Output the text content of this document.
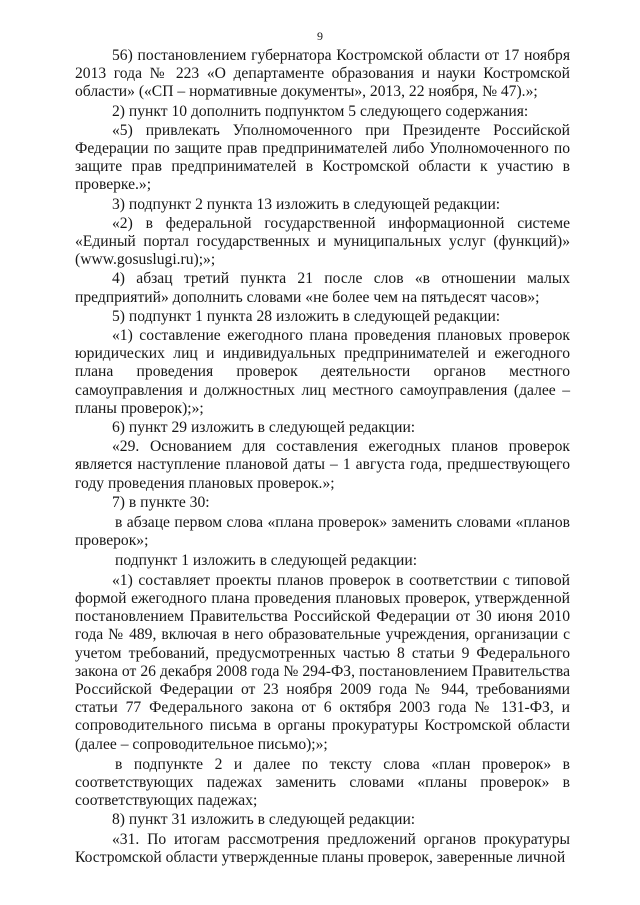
9

56) постановлением губернатора Костромской области от 17 ноября 2013 года № 223 «О департаменте образования и науки Костромской области» («СП – нормативные документы», 2013, 22 ноября, № 47).»;

2) пункт 10 дополнить подпунктом 5 следующего содержания:

«5) привлекать Уполномоченного при Президенте Российской Федерации по защите прав предпринимателей либо Уполномоченного по защите прав предпринимателей в Костромской области к участию в проверке.»;

3) подпункт 2 пункта 13 изложить в следующей редакции:

«2) в федеральной государственной информационной системе «Единый портал государственных и муниципальных услуг (функций)» (www.gosuslugi.ru);»;

4) абзац третий пункта 21 после слов «в отношении малых предприятий» дополнить словами «не более чем на пятьдесят часов»;

5) подпункт 1 пункта 28 изложить в следующей редакции:

«1) составление ежегодного плана проведения плановых проверок юридических лиц и индивидуальных предпринимателей и ежегодного плана проведения проверок деятельности органов местного самоуправления и должностных лиц местного самоуправления (далее – планы проверок);»;

6) пункт 29 изложить в следующей редакции:

«29. Основанием для составления ежегодных планов проверок является наступление плановой даты – 1 августа года, предшествующего году проведения плановых проверок.»;

7) в пункте 30:

в абзаце первом слова «плана проверок» заменить словами «планов проверок»;

подпункт 1 изложить в следующей редакции:

«1) составляет проекты планов проверок в соответствии с типовой формой ежегодного плана проведения плановых проверок, утвержденной постановлением Правительства Российской Федерации от 30 июня 2010 года № 489, включая в него образовательные учреждения, организации с учетом требований, предусмотренных частью 8 статьи 9 Федерального закона от 26 декабря 2008 года № 294-ФЗ, постановлением Правительства Российской Федерации от 23 ноября 2009 года № 944, требованиями статьи 77 Федерального закона от 6 октября 2003 года № 131-ФЗ, и сопроводительного письма в органы прокуратуры Костромской области (далее – сопроводительное письмо);»;

в подпункте 2 и далее по тексту слова «план проверок» в соответствующих падежах заменить словами «планы проверок» в соответствующих падежах;

8) пункт 31 изложить в следующей редакции:

«31. По итогам рассмотрения предложений органов прокуратуры Костромской области утвержденные планы проверок, заверенные личной
